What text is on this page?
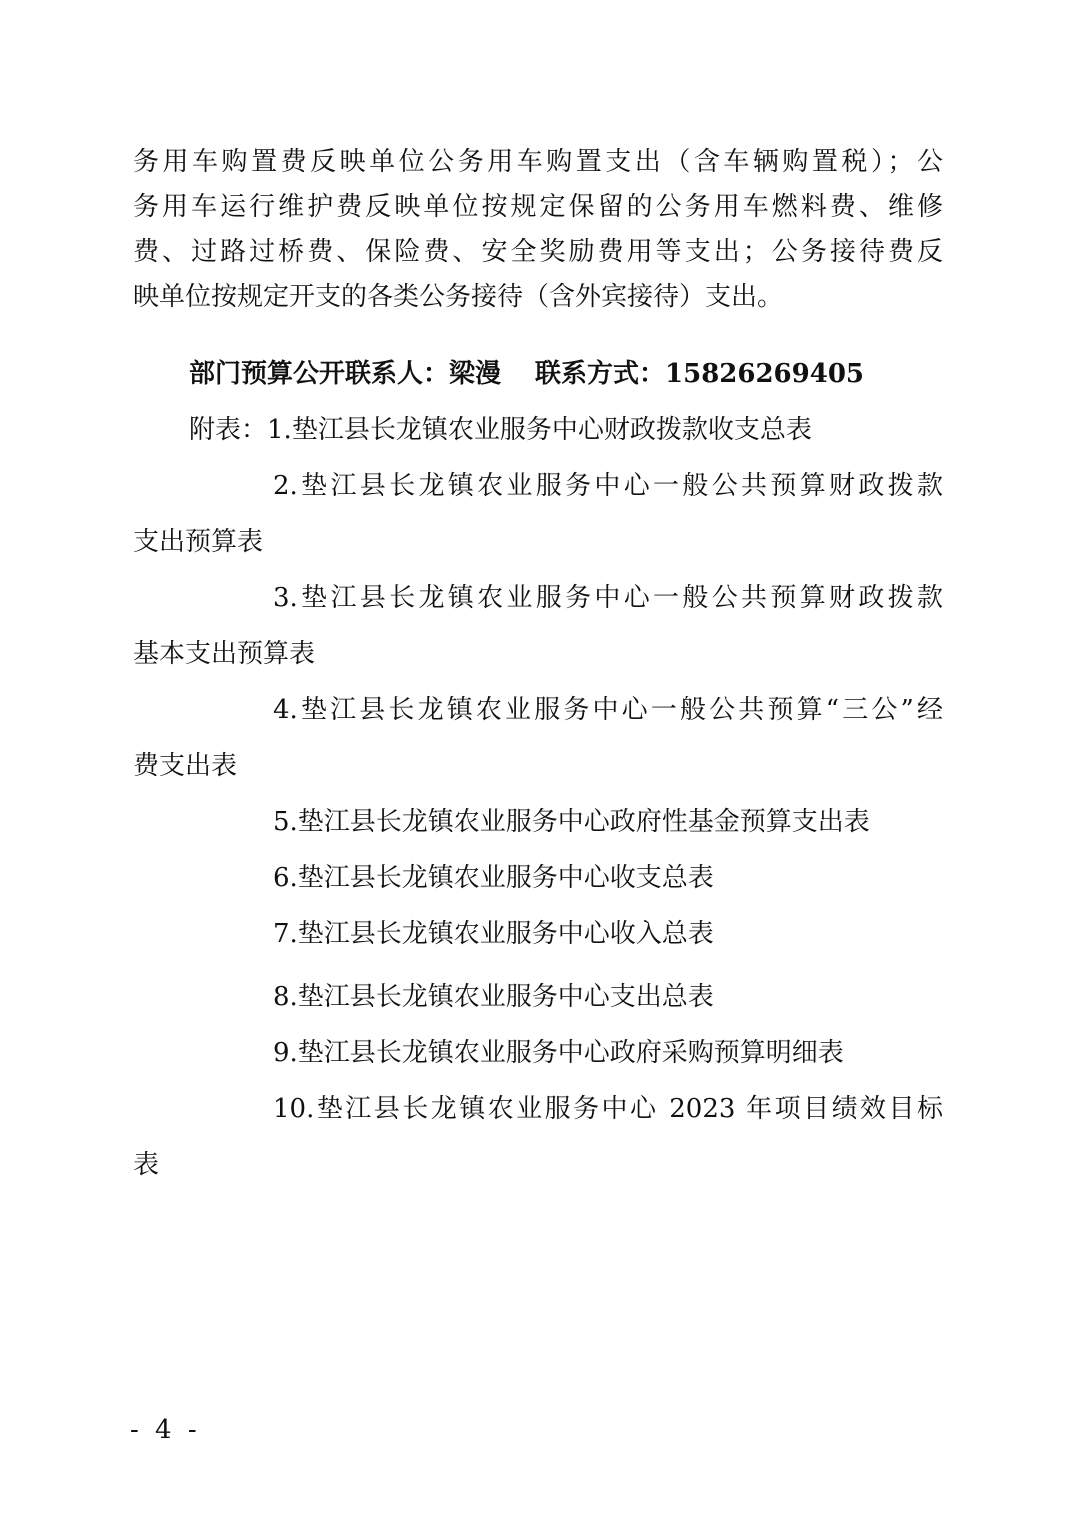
务用车购置费反映单位公务用车购置支出（含车辆购置税）；公
务用车运行维护费反映单位按规定保留的公务用车燃料费、维修
费、过路过桥费、保险费、安全奖励费用等支出；公务接待费反
映单位按规定开支的各类公务接待（含外宾接待）支出。
部门预算公开联系人：梁漫 联系方式：15826269405
附表：1.垫江县长龙镇农业服务中心财政拨款收支总表
2.垫江县长龙镇农业服务中心一般公共预算财政拨款
支出预算表
3.垫江县长龙镇农业服务中心一般公共预算财政拨款
基本支出预算表
4.垫江县长龙镇农业服务中心一般公共预算“三公”经
费支出表
5.垫江县长龙镇农业服务中心政府性基金预算支出表
6.垫江县长龙镇农业服务中心收支总表
7.垫江县长龙镇农业服务中心收入总表
8.垫江县长龙镇农业服务中心支出总表
9.垫江县长龙镇农业服务中心政府采购预算明细表
10.垫江县长龙镇农业服务中心 2023 年项目绩效目标
表
- 4 -
